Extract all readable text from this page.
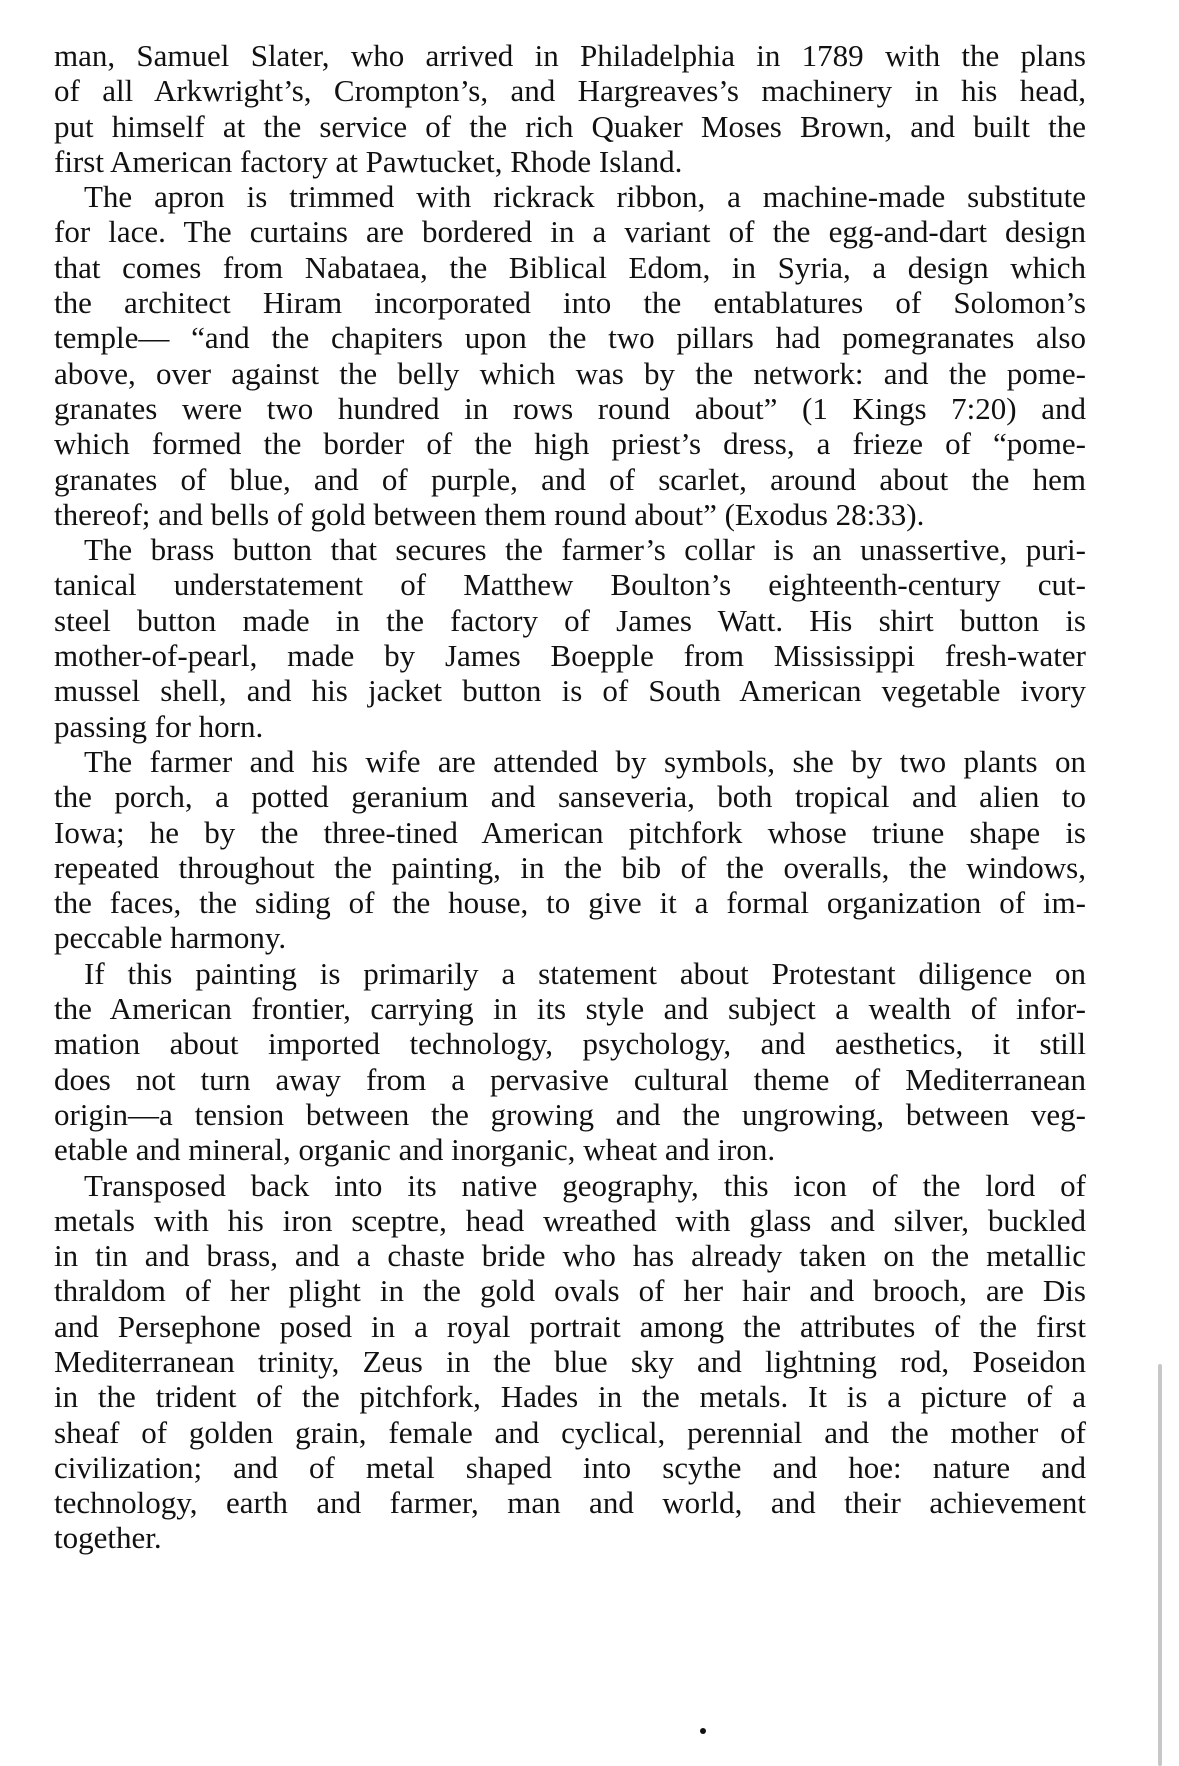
man, Samuel Slater, who arrived in Philadelphia in 1789 with the plans
of all Arkwright’s, Crompton’s, and Hargreaves’s machinery in his head,
put himself at the service of the rich Quaker Moses Brown, and built the
first American factory at Pawtucket, Rhode Island.

The apron is trimmed with rickrack ribbon, a machine-made substitute
for lace. The curtains are bordered in a variant of the egg-and-dart design
that comes from Nabataea, the Biblical Edom, in Syria, a design which
the architect Hiram incorporated into the entablatures of Solomon’s
temple— “and the chapiters upon the two pillars had pomegranates also
above, over against the belly which was by the network: and the pome-
granates were two hundred in rows round about” (1 Kings 7:20) and
which formed the border of the high priest’s dress, a frieze of “pome-
granates of blue, and of purple, and of scarlet, around about the hem
thereof; and bells of gold between them round about” (Exodus 28:33).

The brass button that secures the farmer’s collar is an unassertive, puri-
tanical understatement of Matthew Boulton’s eighteenth-century cut-
steel button made in the factory of James Watt. His shirt button is
mother-of-pearl, made by James Boepple from Mississippi fresh-water
mussel shell, and his jacket button is of South American vegetable ivory
passing for horn.

The farmer and his wife are attended by symbols, she by two plants on
the porch, a potted geranium and sanseveria, both tropical and alien to
Iowa; he by the three-tined American pitchfork whose triune shape is
repeated throughout the painting, in the bib of the overalls, the windows,
the faces, the siding of the house, to give it a formal organization of im-
peccable harmony.

If this painting is primarily a statement about Protestant diligence on
the American frontier, carrying in its style and subject a wealth of infor-
mation about imported technology, psychology, and aesthetics, it still
does not turn away from a pervasive cultural theme of Mediterranean
origin—a tension between the growing and the ungrowing, between veg-
etable and mineral, organic and inorganic, wheat and iron.

Transposed back into its native geography, this icon of the lord of
metals with his iron sceptre, head wreathed with glass and silver, buckled
in tin and brass, and a chaste bride who has already taken on the metallic
thraldom of her plight in the gold ovals of her hair and brooch, are Dis
and Persephone posed in a royal portrait among the attributes of the first
Mediterranean trinity, Zeus in the blue sky and lightning rod, Poseidon
in the trident of the pitchfork, Hades in the metals. It is a picture of a
sheaf of golden grain, female and cyclical, perennial and the mother of
civilization; and of metal shaped into scythe and hoe: nature and
technology, earth and farmer, man and world, and their achievement
together.
